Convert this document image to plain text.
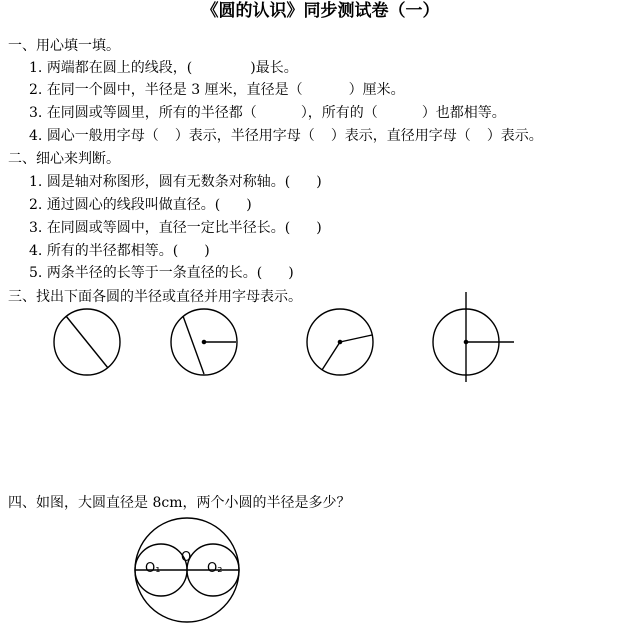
《圆的认识》同步测试卷（一）
一、用心填一填。
1. 两端都在圆上的线段，(	)最长。
2. 在同一个圆中，半径是 3 厘米，直径是（	）厘米。
3. 在同圆或等圆里，所有的半径都（	），所有的（	）也都相等。
4. 圆心一般用字母（ ）表示，半径用字母（ ）表示，直径用字母（ ）表示。
二、细心来判断。
1. 圆是轴对称图形，圆有无数条对称轴。( )
2. 通过圆心的线段叫做直径。( )
3. 在同圆或等圆中，直径一定比半径长。( )
4. 所有的半径都相等。( )
5. 两条半径的长等于一条直径的长。( )
三、找出下面各圆的半径或直径并用字母表示。
四、如图，大圆直径是 8cm，两个小圆的半径是多少？
O₁
O
O₂
